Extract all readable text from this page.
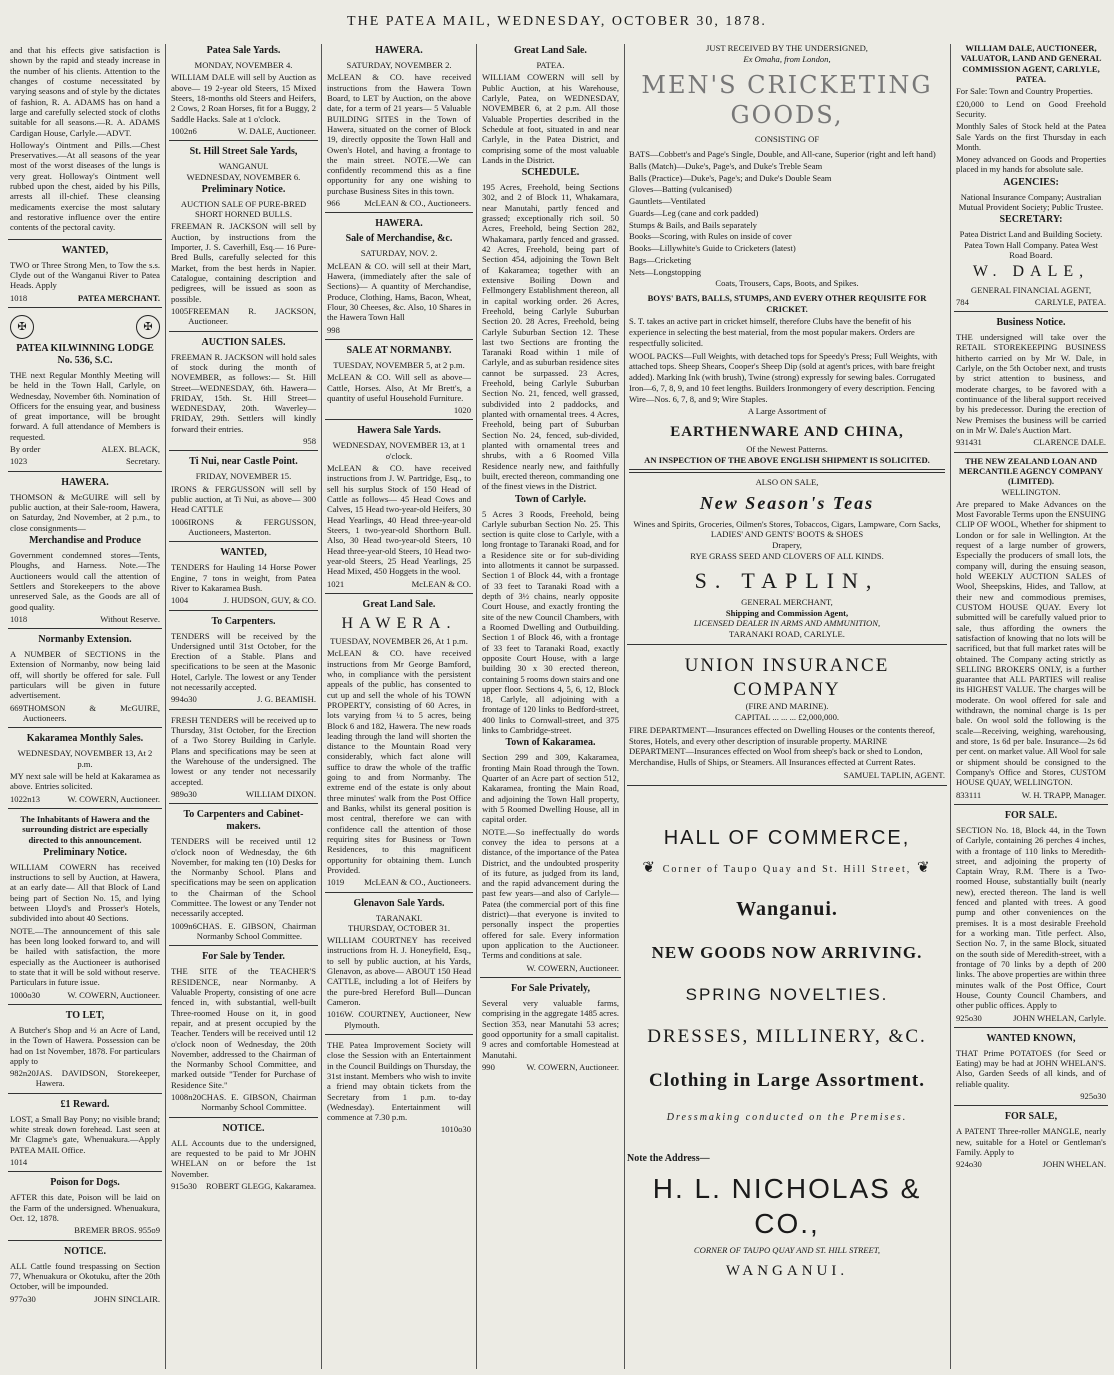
THE PATEA MAIL, WEDNESDAY, OCTOBER 30, 1878.

and that his effects give satisfaction is shown by the rapid and steady increase in the number of his clients. Attention to the changes of costume necessitated by varying seasons and of style by the dictates of fashion, R. A. ADAMS has on hand a large and carefully selected stock of cloths suitable for all seasons.—R. A. ADAMS Cardigan House, Carlyle.—ADVT.

Holloway's Ointment and Pills.—Chest Preservatives.—At all seasons of the year most of the worst diseases of the lungs is very great. Holloway's Ointment well rubbed upon the chest, aided by his Pills, arrests all ill-chief. These cleansing medicaments exercise the most salutary and restorative influence over the entire contents of the pectoral cavity.

WANTED,

TWO or Three Strong Men, to Tow the s.s. Clyde out of the Wanganui River to Patea Heads. Apply

1018	PATEA MERCHANT.
✠	✠
PATEA KILWINNING LODGE No. 536, S.C.

THE next Regular Monthly Meeting will be held in the Town Hall, Carlyle, on Wednesday, November 6th. Nomination of Officers for the ensuing year, and business of great importance, will be brought forward. A full attendance of Members is requested.

By order	ALEX. BLACK,
1023	Secretary.
HAWERA.

THOMSON & McGUIRE will sell by public auction, at their Sale-room, Hawera, on Saturday, 2nd November, at 2 p.m., to close consignments—

Merchandise and Produce

Government condemned stores—Tents, Ploughs, and Harness. Note.—The Auctioneers would call the attention of Settlers and Storekeepers to the above unreserved Sale, as the Goods are all of good quality.

1018	Without Reserve.
Normanby Extension.

A NUMBER of SECTIONS in the Extension of Normanby, now being laid off, will shortly be offered for sale. Full particulars will be given in future advertisement.

669 THOMSON & McGUIRE, Auctioneers.
Kakaramea Monthly Sales.
WEDNESDAY, NOVEMBER 13, At 2 p.m.

MY next sale will be held at Kakaramea as above. Entries solicited.

1022n13	W. COWERN, Auctioneer.

The Inhabitants of Hawera and the surrounding district are especially directed to this announcement.

Preliminary Notice.

WILLIAM COWERN has received instructions to sell by Auction, at Hawera, at an early date— All that Block of Land being part of Section No. 15, and lying between Lloyd's and Prosser's Hotels, subdivided into about 40 Sections.

NOTE.—The announcement of this sale has been long looked forward to, and will be hailed with satisfaction, the more especially as the Auctioneer is authorised to state that it will be sold without reserve. Particulars in future issue.

1000o30	W. COWERN, Auctioneer.
TO LET,

A Butcher's Shop and ½ an Acre of Land, in the Town of Hawera. Possession can be had on 1st November, 1878. For particulars apply to

982n20 JAS. DAVIDSON, Storekeeper, Hawera.
£1 Reward.

LOST, a Small Bay Pony; no visible brand; white streak down forehead. Last seen at Mr Clagme's gate, Whenuakura.—Apply PATEA MAIL Office.

1014
Poison for Dogs.

AFTER this date, Poison will be laid on the Farm of the undersigned. Whenuakura, Oct. 12, 1878.

BREMER BROS. 955o9
NOTICE.

ALL Cattle found trespassing on Section 77, Whenuakura or Okotuku, after the 20th October, will be impounded.

977o30	JOHN SINCLAIR.
Patea Sale Yards.
MONDAY, NOVEMBER 4.

WILLIAM DALE will sell by Auction as above— 19 2-year old Steers, 15 Mixed Steers, 18-months old Steers and Heifers, 2 Cows, 2 Roan Horses, fit for a Buggy, 2 Saddle Hacks. Sale at 1 o'clock.

1002n6	W. DALE, Auctioneer.
St. Hill Street Sale Yards,
WANGANUI.
WEDNESDAY, NOVEMBER 6.
Preliminary Notice.
AUCTION SALE OF PURE-BRED SHORT HORNED BULLS.

FREEMAN R. JACKSON will sell by Auction, by instructions from the Importer, J. S. Caverhill, Esq.— 16 Pure-Bred Bulls, carefully selected for this Market, from the best herds in Napier. Catalogue, containing description and pedigrees, will be issued as soon as possible.

1005 FREEMAN R. JACKSON, Auctioneer.
AUCTION SALES.

FREEMAN R. JACKSON will hold sales of stock during the month of NOVEMBER, as follows:— St. Hill Street—WEDNESDAY, 6th. Hawera—FRIDAY, 15th. St. Hill Street—WEDNESDAY, 20th. Waverley—FRIDAY, 29th. Settlers will kindly forward their entries.

958
Ti Nui, near Castle Point.
FRIDAY, NOVEMBER 15.

IRONS & FERGUSSON will sell by public auction, at Ti Nui, as above— 300 Head CATTLE

1006 IRONS & FERGUSSON, Auctioneers, Masterton.
WANTED,

TENDERS for Hauling 14 Horse Power Engine, 7 tons in weight, from Patea River to Kakaramea Bush.

1004	J. HUDSON, GUY, & CO.
To Carpenters.

TENDERS will be received by the Undersigned until 31st October, for the Erection of a Stable. Plans and specifications to be seen at the Masonic Hotel, Carlyle. The lowest or any Tender not necessarily accepted.

994o30	J. G. BEAMISH.

FRESH TENDERS will be received up to Thursday, 31st October, for the Erection of a Two Storey Building in Carlyle. Plans and specifications may be seen at the Warehouse of the undersigned. The lowest or any tender not necessarily accepted.

989o30	WILLIAM DIXON.
To Carpenters and Cabinet-makers.

TENDERS will be received until 12 o'clock noon of Wednesday, the 6th November, for making ten (10) Desks for the Normanby School. Plans and specifications may be seen on application to the Chairman of the School Committee. The lowest or any Tender not necessarily accepted.

1009n6 CHAS. E. GIBSON, Chairman Normanby School Committee.
For Sale by Tender.

THE SITE of the TEACHER'S RESIDENCE, near Normanby. A Valuable Property, consisting of one acre fenced in, with substantial, well-built Three-roomed House on it, in good repair, and at present occupied by the Teacher. Tenders will be received until 12 o'clock noon of Wednesday, the 20th November, addressed to the Chairman of the Normanby School Committee, and marked outside "Tender for Purchase of Residence Site."

1008n20 CHAS. E. GIBSON, Chairman Normanby School Committee.
NOTICE.

ALL Accounts due to the undersigned, are requested to be paid to Mr JOHN WHELAN on or before the 1st November.

915o30 ROBERT GLEGG, Kakaramea.
HAWERA.
SATURDAY, NOVEMBER 2.

McLEAN & CO. have received instructions from the Hawera Town Board, to LET by Auction, on the above date, for a term of 21 years— 5 Valuable BUILDING SITES in the Town of Hawera, situated on the corner of Block 19, directly opposite the Town Hall and Owen's Hotel, and having a frontage to the main street. NOTE.—We can confidently recommend this as a fine opportunity for any one wishing to purchase Business Sites in this town.

966	McLEAN & CO., Auctioneers.
HAWERA.
Sale of Merchandise, &c.
SATURDAY, NOV. 2.

McLEAN & CO. will sell at their Mart, Hawera, (immediately after the sale of Sections)— A quantity of Merchandise, Produce, Clothing, Hams, Bacon, Wheat, Flour, 30 Cheeses, &c. Also, 10 Shares in the Hawera Town Hall

998
SALE AT NORMANBY.
TUESDAY, NOVEMBER 5, at 2 p.m.

McLEAN & CO. Will sell as above— Cattle, Horses. Also, At Mr Brett's, a quantity of useful Household Furniture.

1020
Hawera Sale Yards.
WEDNESDAY, NOVEMBER 13, at 1 o'clock.

McLEAN & CO. have received instructions from J. W. Partridge, Esq., to sell his surplus Stock of 150 Head of Cattle as follows— 45 Head Cows and Calves, 15 Head two-year-old Heifers, 30 Head Yearlings, 40 Head three-year-old Steers, 1 two-year-old Shorthorn Bull. Also, 30 Head two-year-old Steers, 10 Head three-year-old Steers, 10 Head two-year-old Steers, 25 Head Yearlings, 25 Head Mixed, 450 Hoggets in the wool.

1021	McLEAN & CO.
Great Land Sale.
HAWERA.
TUESDAY, NOVEMBER 26, At 1 p.m.

McLEAN & CO. have received instructions from Mr George Bamford, who, in compliance with the persistent appeals of the public, has consented to cut up and sell the whole of his TOWN PROPERTY, consisting of 60 Acres, in lots varying from ¼ to 5 acres, being Block 6 and 182, Hawera. The new roads leading through the land will shorten the distance to the Mountain Road very considerably, which fact alone will suffice to draw the whole of the traffic going to and from Normanby. The extreme end of the estate is only about three minutes' walk from the Post Office and Banks, whilst its general position is most central, therefore we can with confidence call the attention of those requiring sites for Business or Town Residences, to this magnificent opportunity for obtaining them. Lunch Provided.

1019 McLEAN & CO., Auctioneers.
Glenavon Sale Yards.
TARANAKI.
THURSDAY, OCTOBER 31.

WILLIAM COURTNEY has received instructions from H. J. Honeyfield, Esq., to sell by public auction, at his Yards, Glenavon, as above— ABOUT 150 Head CATTLE, including a lot of Heifers by the pure-bred Hereford Bull—Duncan Cameron.

1016 W. COURTNEY, Auctioneer, New Plymouth.

THE Patea Improvement Society will close the Session with an Entertainment in the Council Buildings on Thursday, the 31st instant. Members who wish to invite a friend may obtain tickets from the Secretary from 1 p.m. to-day (Wednesday). Entertainment will commence at 7.30 p.m.

1010o30
Great Land Sale.
PATEA.

WILLIAM COWERN will sell by Public Auction, at his Warehouse, Carlyle, Patea, on WEDNESDAY, NOVEMBER 6, at 2 p.m. All those Valuable Properties described in the Schedule at foot, situated in and near Carlyle, in the Patea District, and comprising some of the most valuable Lands in the District.

SCHEDULE.

195 Acres, Freehold, being Sections 302, and 2 of Block 11, Whakamara, near Manutahi, partly fenced and grassed; exceptionally rich soil. 50 Acres, Freehold, being Section 282, Whakamara, partly fenced and grassed. 42 Acres, Freehold, being part of Section 454, adjoining the Town Belt of Kakaramea; together with an extensive Boiling Down and Fellmongery Establishment thereon, all in capital working order. 26 Acres, Freehold, being Carlyle Suburban Section 20. 28 Acres, Freehold, being Carlyle Suburban Section 12. These last two Sections are fronting the Taranaki Road within 1 mile of Carlyle, and as suburban residence sites cannot be surpassed. 23 Acres, Freehold, being Carlyle Suburban Section No. 21, fenced, well grassed, subdivided into 2 paddocks, and planted with ornamental trees. 4 Acres, Freehold, being part of Suburban Section No. 24, fenced, sub-divided, planted with ornamental trees and shrubs, with a 6 Roomed Villa Residence nearly new, and faithfully built, erected thereon, commanding one of the finest views in the District.

Town of Carlyle.

5 Acres 3 Roods, Freehold, being Carlyle suburban Section No. 25. This section is quite close to Carlyle, with a long frontage to Taranaki Road, and for a Residence site or for sub-dividing into allotments it cannot be surpassed. Section 1 of Block 44, with a frontage of 33 feet to Taranaki Road with a depth of 3½ chains, nearly opposite Court House, and exactly fronting the site of the new Council Chambers, with a Roomed Dwelling and Outbuilding. Section 1 of Block 46, with a frontage of 33 feet to Taranaki Road, exactly opposite Court House, with a large building 30 x 30 erected thereon, containing 5 rooms down stairs and one upper floor. Sections 4, 5, 6, 12, Block 18, Carlyle, all adjoining with a frontage of 120 links to Bedford-street, 400 links to Cornwall-street, and 375 links to Cambridge-street.

Town of Kakaramea.

Section 299 and 309, Kakaramea, fronting Main Road through the Town. Quarter of an Acre part of section 512, Kakaramea, fronting the Main Road, and adjoining the Town Hall property, with 5 Roomed Dwelling House, all in capital order.

NOTE.—So ineffectually do words convey the idea to persons at a distance, of the importance of the Patea District, and the undoubted prosperity of its future, as judged from its land, and the rapid advancement during the past few years—and also of Carlyle—Patea (the commercial port of this fine district)—that everyone is invited to personally inspect the properties offered for sale. Every information upon application to the Auctioneer. Terms and conditions at sale.

W. COWERN, Auctioneer.
For Sale Privately,

Several very valuable farms, comprising in the aggregate 1485 acres. Section 353, near Manutahi 53 acres; good opportunity for a small capitalist. 9 acres and comfortable Homestead at Manutahi.

990	W. COWERN, Auctioneer.
JUST RECEIVED BY THE UNDERSIGNED,
Ex Omaha, from London,
MEN'S CRICKETING GOODS,
CONSISTING OF
BATS—Cobbett's and Page's Single, Double, and All-cane, Superior (right and left hand)
Balls (Match)—Duke's, Page's, and Duke's Treble Seam
Balls (Practice)—Duke's, Page's; and Duke's Double Seam
Gloves—Batting (vulcanised)
Gauntlets—Ventilated
Guards—Leg (cane and cork padded)
Stumps & Bails, and Bails separately
Books—Scoring, with Rules on inside of cover
Books—Lillywhite's Guide to Cricketers (latest)
Bags—Cricketing
Nets—Longstopping
Coats, Trousers, Caps, Boots, and Spikes.
BOYS' BATS, BALLS, STUMPS, AND EVERY OTHER REQUISITE FOR CRICKET.

S. T. takes an active part in cricket himself, therefore Clubs have the benefit of his experience in selecting the best material, from the most popular makers. Orders are respectfully solicited.

WOOL PACKS—Full Weights, with detached tops for Speedy's Press; Full Weights, with attached tops. Sheep Shears, Cooper's Sheep Dip (sold at agent's prices, with bare freight added). Marking Ink (with brush), Twine (strong) expressly for sewing bales. Corrugated Iron—6, 7, 8, 9, and 10 feet lengths. Builders Ironmongery of every description. Fencing Wire—Nos. 6, 7, 8, and 9; Wire Staples.

A Large Assortment of
EARTHENWARE AND CHINA,
Of the Newest Patterns.
AN INSPECTION OF THE ABOVE ENGLISH SHIPMENT IS SOLICITED.
ALSO ON SALE,
New Season's Teas
Wines and Spirits, Groceries, Oilmen's Stores, Tobaccos, Cigars, Lampware, Corn Sacks,
LADIES' AND GENTS' BOOTS & SHOES
Drapery,
RYE GRASS SEED AND CLOVERS OF ALL KINDS.
S. TAPLIN,
GENERAL MERCHANT,
Shipping and Commission Agent,
LICENSED DEALER IN ARMS AND AMMUNITION,
TARANAKI ROAD, CARLYLE.
UNION INSURANCE COMPANY
(FIRE AND MARINE).
CAPITAL ... ... ... £2,000,000.

FIRE DEPARTMENT—Insurances effected on Dwelling Houses or the contents thereof, Stores, Hotels, and every other description of insurable property. MARINE DEPARTMENT—Insurances effected on Wool from sheep's back or shed to London, Merchandise, Hulls of Ships, or Steamers. All Insurances effected at Current Rates.

SAMUEL TAPLIN, AGENT.
HALL OF COMMERCE,
❦ Corner of Taupo Quay and St. Hill Street, ❦
Wanganui.
NEW GOODS NOW ARRIVING.
SPRING NOVELTIES.
DRESSES, MILLINERY, &C.
Clothing in Large Assortment.
Dressmaking conducted on the Premises.
Note the Address—
H. L. NICHOLAS & CO.,
CORNER OF TAUPO QUAY AND ST. HILL STREET,
WANGANUI.
WILLIAM DALE, AUCTIONEER, VALUATOR, LAND AND GENERAL COMMISSION AGENT, CARLYLE, PATEA.

For Sale: Town and Country Properties.

£20,000 to Lend on Good Freehold Security.

Monthly Sales of Stock held at the Patea Sale Yards on the first Thursday in each Month.

Money advanced on Goods and Properties placed in my hands for absolute sale.

AGENCIES:

National Insurance Company; Australian Mutual Provident Society; Public Trustee.

SECRETARY:

Patea District Land and Building Society. Patea Town Hall Company. Patea West Road Board.

W. DALE,
GENERAL FINANCIAL AGENT,
784	CARLYLE, PATEA.
Business Notice.

THE undersigned will take over the RETAIL STOREKEEPING BUSINESS hitherto carried on by Mr W. Dale, in Carlyle, on the 5th October next, and trusts by strict attention to business, and moderate charges, to be favored with a continuance of the liberal support received by his predecessor. During the erection of New Premises the business will be carried on in Mr W. Dale's Auction Mart.

931431	CLARENCE DALE.
THE NEW ZEALAND LOAN AND MERCANTILE AGENCY COMPANY (LIMITED).
WELLINGTON.

Are prepared to Make Advances on the Most Favorable Terms upon the ENSUING CLIP OF WOOL, Whether for shipment to London or for sale in Wellington. At the request of a large number of growers, Especially the producers of small lots, the company will, during the ensuing season, hold WEEKLY AUCTION SALES of Wool, Sheepskins, Hides, and Tallow, at their new and commodious premises, CUSTOM HOUSE QUAY. Every lot submitted will be carefully valued prior to sale, thus affording the owners the satisfaction of knowing that no lots will be sacrificed, but that full market rates will be obtained. The Company acting strictly as SELLING BROKERS ONLY, is a further guarantee that ALL PARTIES will realise its HIGHEST VALUE. The charges will be moderate. On wool offered for sale and withdrawn, the nominal charge is 1s per bale. On wool sold the following is the scale—Receiving, weighing, warehousing, and store, 1s 6d per bale. Insurance—2s 6d per cent. on market value. All Wool for sale or shipment should be consigned to the Company's Office and Stores, CUSTOM HOUSE QUAY, WELLINGTON.

833111	W. H. TRAPP, Manager.
FOR SALE.

SECTION No. 18, Block 44, in the Town of Carlyle, containing 26 perches 4 inches, with a frontage of 110 links to Meredith-street, and adjoining the property of Captain Wray, R.M. There is a Two-roomed House, substantially built (nearly new), erected thereon. The land is well fenced and planted with trees. A good pump and other conveniences on the premises. It is a most desirable Freehold for a working man. Title perfect. Also, Section No. 7, in the same Block, situated on the south side of Meredith-street, with a frontage of 70 links by a depth of 200 links. The above properties are within three minutes walk of the Post Office, Court House, County Council Chambers, and other public offices. Apply to

925o30	JOHN WHELAN, Carlyle.
WANTED KNOWN,

THAT Prime POTATOES (for Seed or Eating) may be had at JOHN WHELAN'S. Also, Garden Seeds of all kinds, and of reliable quality.

925o30
FOR SALE,

A PATENT Three-roller MANGLE, nearly new, suitable for a Hotel or Gentleman's Family. Apply to

924o30	JOHN WHELAN.
